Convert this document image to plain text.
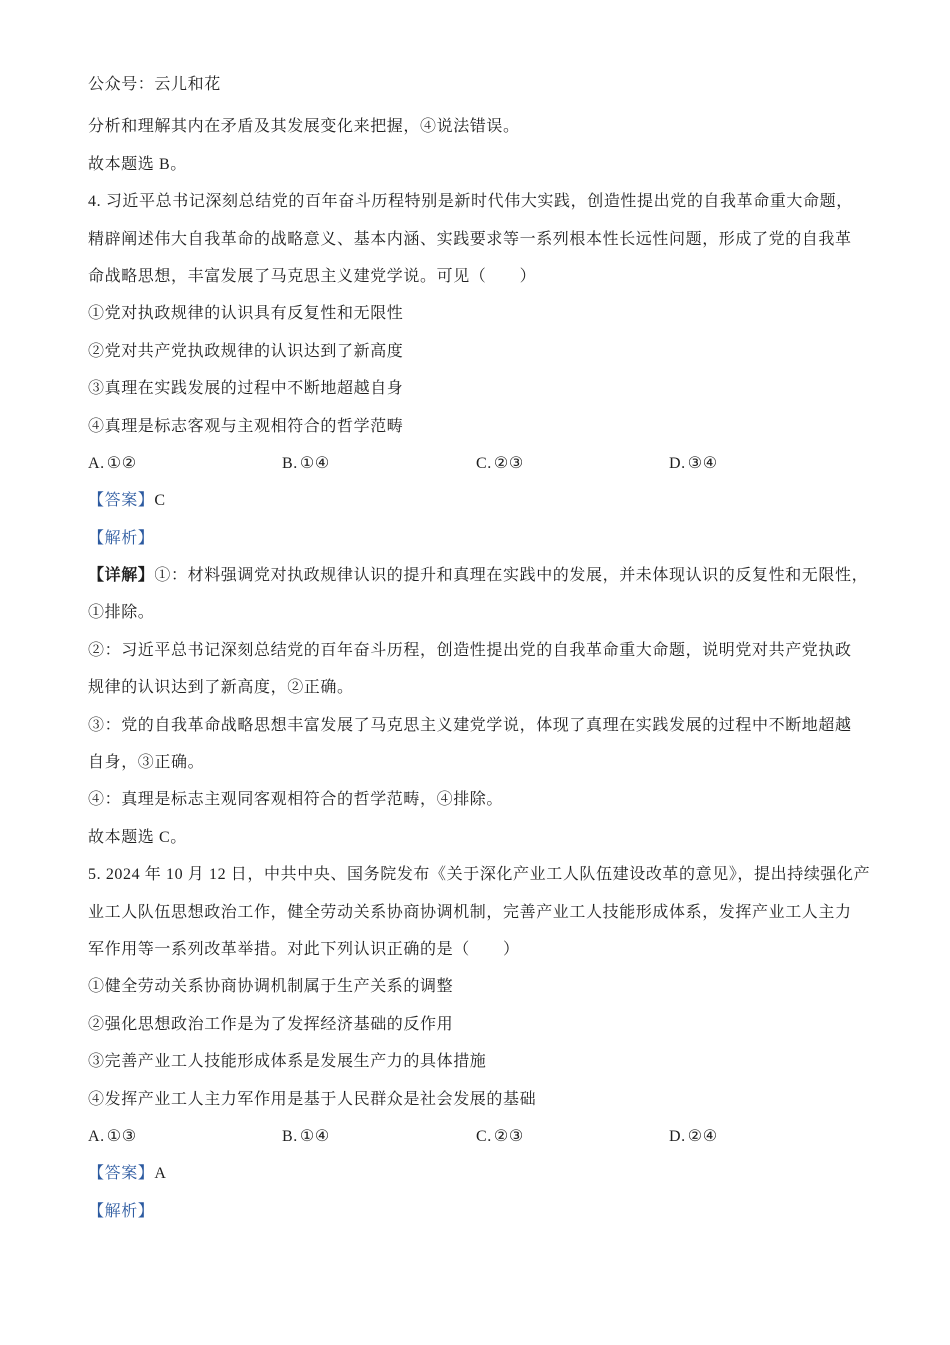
公众号：云儿和花
分析和理解其内在矛盾及其发展变化来把握，④说法错误。
故本题选 B。
4. 习近平总书记深刻总结党的百年奋斗历程特别是新时代伟大实践，创造性提出党的自我革命重大命题，
精辟阐述伟大自我革命的战略意义、基本内涵、实践要求等一系列根本性长远性问题，形成了党的自我革
命战略思想，丰富发展了马克思主义建党学说。可见（　　）
①党对执政规律的认识具有反复性和无限性
②党对共产党执政规律的认识达到了新高度
③真理在实践发展的过程中不断地超越自身
④真理是标志客观与主观相符合的哲学范畴
A. ①②	B. ①④	C. ②③	D. ③④
【答案】C
【解析】
【详解】①：材料强调党对执政规律认识的提升和真理在实践中的发展，并未体现认识的反复性和无限性，
①排除。
②：习近平总书记深刻总结党的百年奋斗历程，创造性提出党的自我革命重大命题，说明党对共产党执政
规律的认识达到了新高度，②正确。
③：党的自我革命战略思想丰富发展了马克思主义建党学说，体现了真理在实践发展的过程中不断地超越
自身，③正确。
④：真理是标志主观同客观相符合的哲学范畴，④排除。
故本题选 C。
5. 2024 年 10 月 12 日，中共中央、国务院发布《关于深化产业工人队伍建设改革的意见》，提出持续强化产
业工人队伍思想政治工作，健全劳动关系协商协调机制，完善产业工人技能形成体系，发挥产业工人主力
军作用等一系列改革举措。对此下列认识正确的是（　　）
①健全劳动关系协商协调机制属于生产关系的调整
②强化思想政治工作是为了发挥经济基础的反作用
③完善产业工人技能形成体系是发展生产力的具体措施
④发挥产业工人主力军作用是基于人民群众是社会发展的基础
A. ①③	B. ①④	C. ②③	D. ②④
【答案】A
【解析】
